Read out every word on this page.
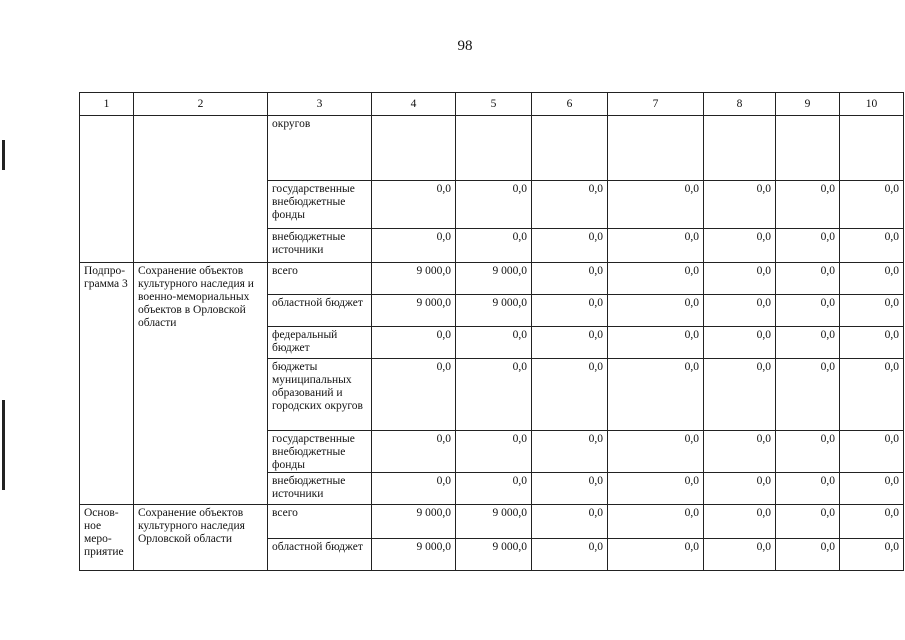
98
1	2	3	4	5	6	7	8	9	10
		округов							
		государственные внебюджетные фонды	0,0	0,0	0,0	0,0	0,0	0,0	0,0
		внебюджетные источники	0,0	0,0	0,0	0,0	0,0	0,0	0,0
Подпро-грамма 3	Сохранение объектов культурного наследия и военно-мемориальных объектов в Орловской области	всего	9 000,0	9 000,0	0,0	0,0	0,0	0,0	0,0
		областной бюджет	9 000,0	9 000,0	0,0	0,0	0,0	0,0	0,0
		федеральный бюджет	0,0	0,0	0,0	0,0	0,0	0,0	0,0
		бюджеты муниципальных образований и городских округов	0,0	0,0	0,0	0,0	0,0	0,0	0,0
		государственные внебюджетные фонды	0,0	0,0	0,0	0,0	0,0	0,0	0,0
		внебюджетные источники	0,0	0,0	0,0	0,0	0,0	0,0	0,0
Основ-ное меро-приятие	Сохранение объектов культурного наследия Орловской области	всего	9 000,0	9 000,0	0,0	0,0	0,0	0,0	0,0
		областной бюджет	9 000,0	9 000,0	0,0	0,0	0,0	0,0	0,0
